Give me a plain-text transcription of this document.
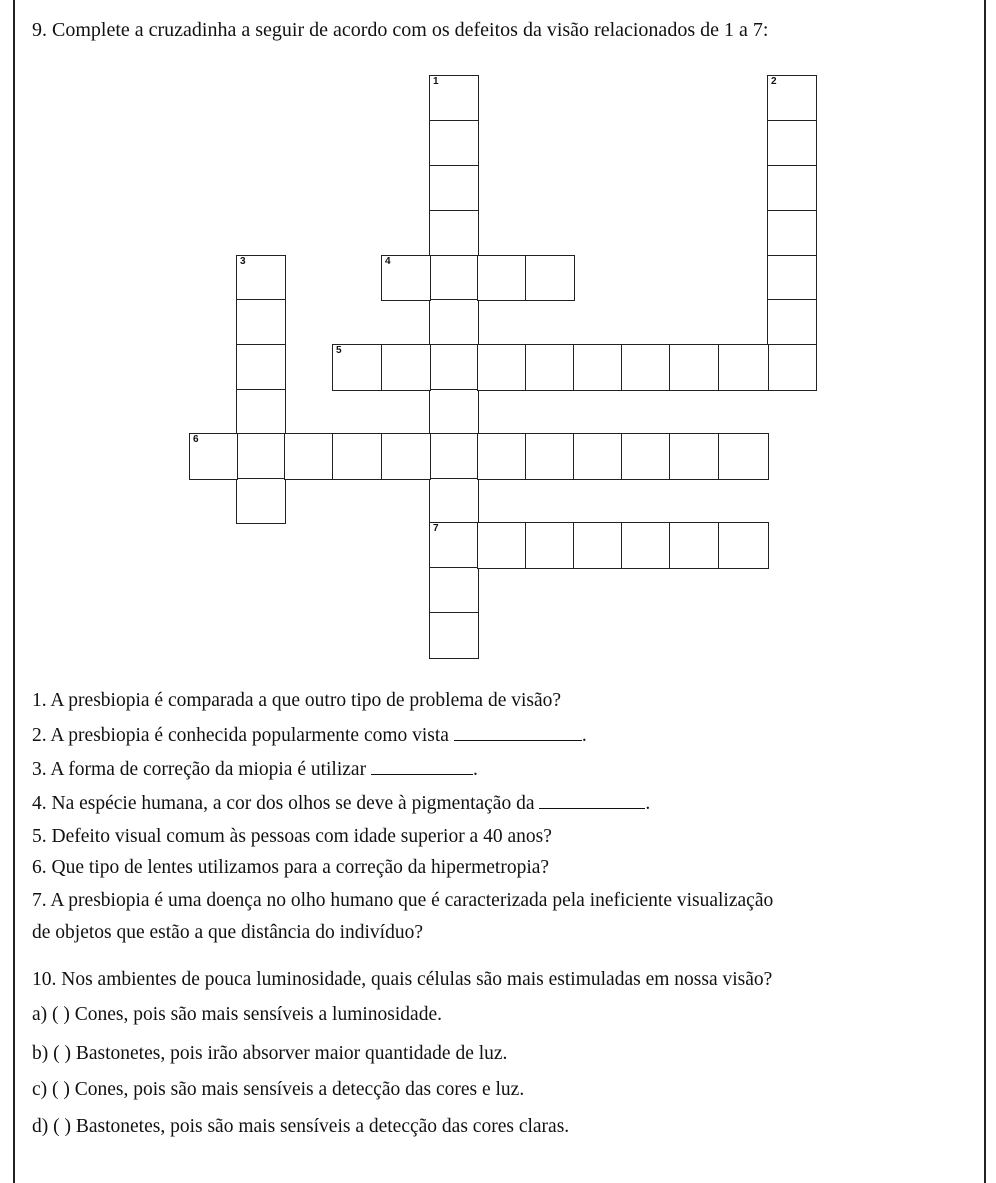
9. Complete a cruzadinha a seguir de acordo com os defeitos da visão relacionados de 1 a 7:
1
7
2
3	4
5
6
1. A presbiopia é comparada a que outro tipo de problema de visão?
2. A presbiopia é conhecida popularmente como vista	.
3. A forma de correção da miopia é utilizar	.
4. Na espécie humana, a cor dos olhos se deve à pigmentação da	.
5. Defeito visual comum às pessoas com idade superior a 40 anos?
6. Que tipo de lentes utilizamos para a correção da hipermetropia?
7. A presbiopia é uma doença no olho humano que é caracterizada pela ineficiente visualização
de objetos que estão a que distância do indivíduo?
10. Nos ambientes de pouca luminosidade, quais células são mais estimuladas em nossa visão?
a) ( ) Cones, pois são mais sensíveis a luminosidade.
b) ( ) Bastonetes, pois irão absorver maior quantidade de luz.
c) ( ) Cones, pois são mais sensíveis a detecção das cores e luz.
d) ( ) Bastonetes, pois são mais sensíveis a detecção das cores claras.
